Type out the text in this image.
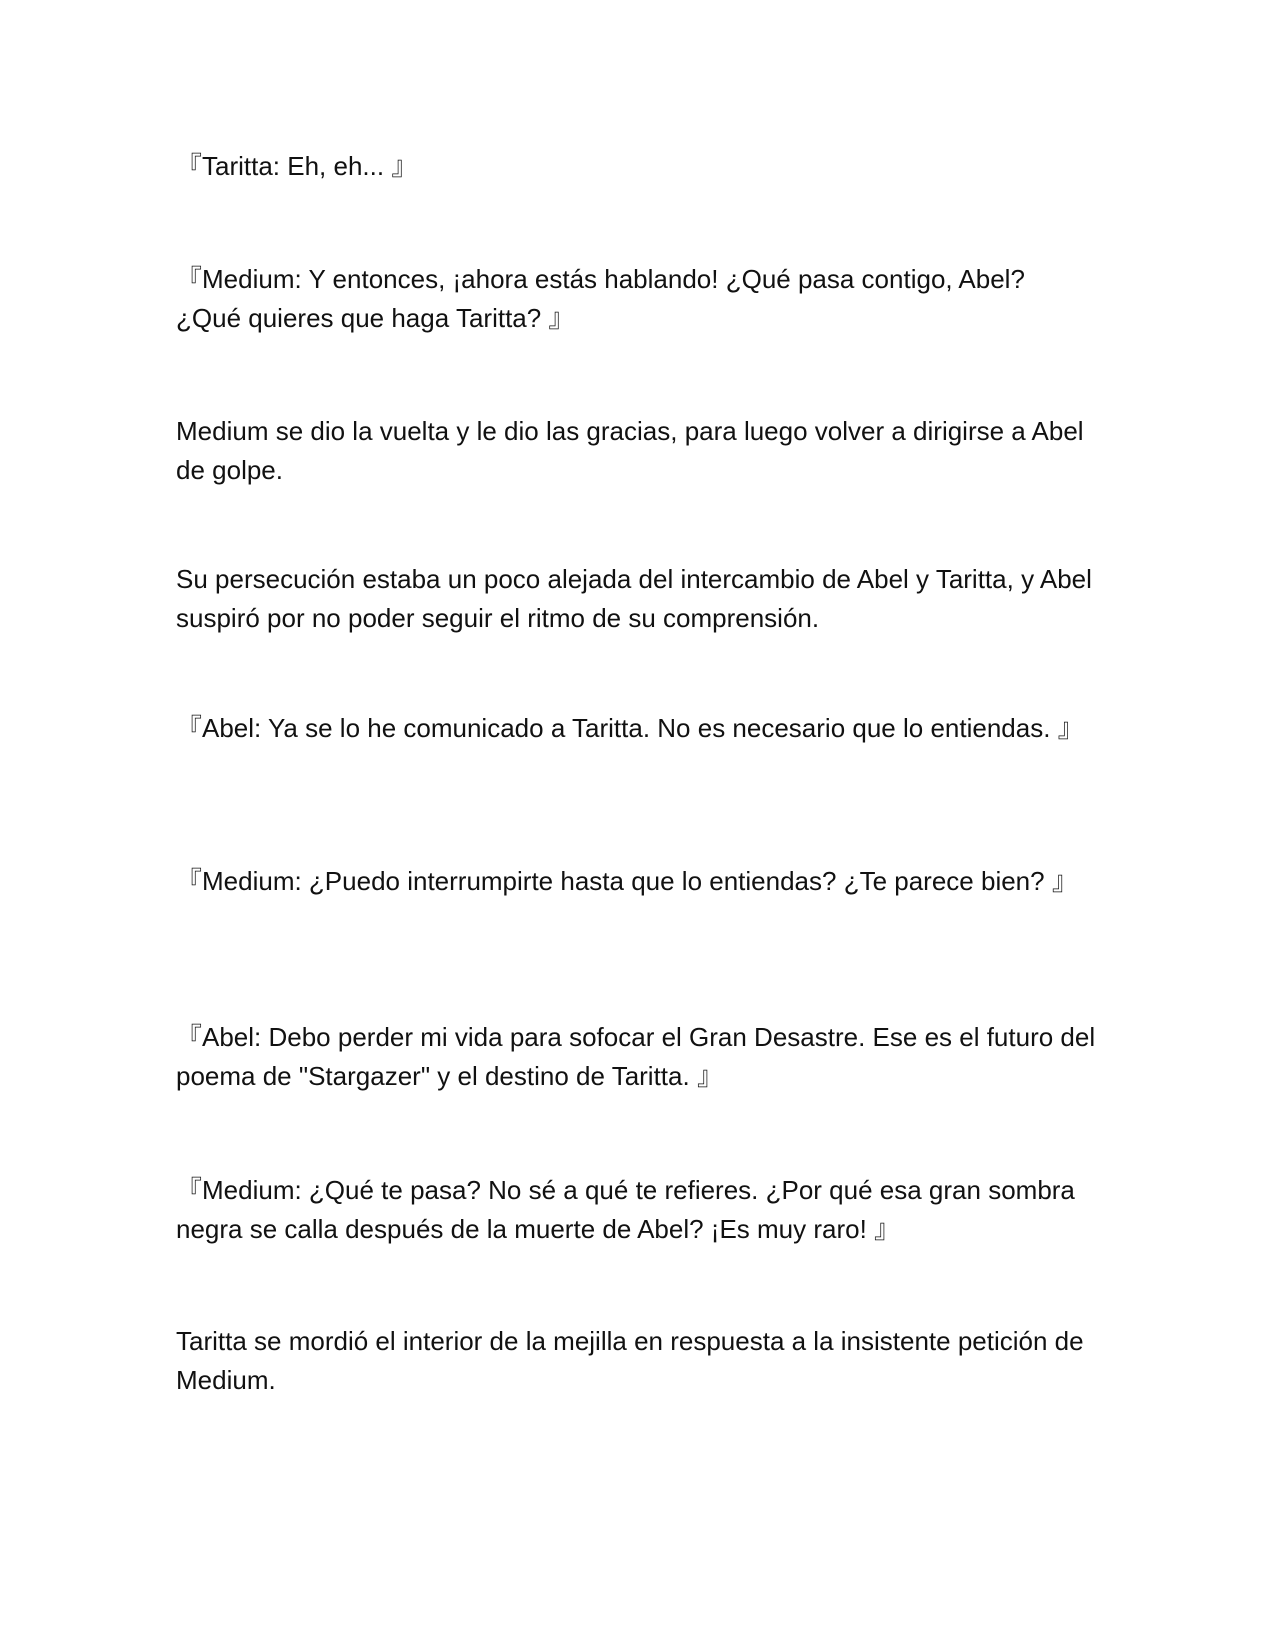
『Taritta: Eh, eh... 』

『Medium: Y entonces, ¡ahora estás hablando! ¿Qué pasa contigo, Abel? ¿Qué quieres que haga Taritta? 』

Medium se dio la vuelta y le dio las gracias, para luego volver a dirigirse a Abel de golpe.

Su persecución estaba un poco alejada del intercambio de Abel y Taritta, y Abel suspiró por no poder seguir el ritmo de su comprensión.

『Abel: Ya se lo he comunicado a Taritta. No es necesario que lo entiendas. 』

『Medium: ¿Puedo interrumpirte hasta que lo entiendas? ¿Te parece bien? 』

『Abel: Debo perder mi vida para sofocar el Gran Desastre. Ese es el futuro del poema de "Stargazer" y el destino de Taritta. 』

『Medium: ¿Qué te pasa? No sé a qué te refieres. ¿Por qué esa gran sombra negra se calla después de la muerte de Abel? ¡Es muy raro! 』

Taritta se mordió el interior de la mejilla en respuesta a la insistente petición de Medium.
